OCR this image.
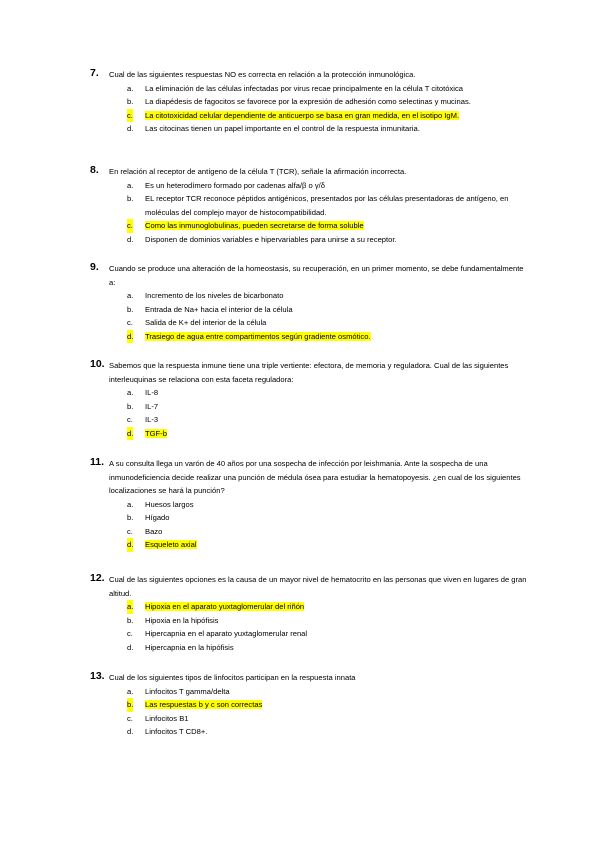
7. Cual de las siguientes respuestas NO es correcta en relación a la protección inmunológica.
a. La eliminación de las células infectadas por virus recae principalmente en la célula T citotóxica
b. La diapédesis de fagocitos se favorece por la expresión de adhesión como selectinas y mucinas.
c. La citotoxicidad celular dependiente de anticuerpo se basa en gran medida, en el isotipo IgM.
d. Las citocinas tienen un papel importante en el control de la respuesta inmunitaria.
8. En relación al receptor de antígeno de la célula T (TCR), señale la afirmación incorrecta.
a. Es un heterodímero formado por cadenas alfa/β o γ/δ
b. EL receptor TCR reconoce péptidos antigénicos, presentados por las células presentadoras de antígeno, en moléculas del complejo mayor de histocompatibilidad.
c. Como las inmunoglobulinas, pueden secretarse de forma soluble
d. Disponen de dominios variables e hipervariables para unirse a su receptor.
9. Cuando se produce una alteración de la homeostasis, su recuperación, en un primer momento, se debe fundamentalmente a:
a. Incremento de los niveles de bicarbonato
b. Entrada de Na+ hacia el interior de la célula
c. Salida de K+ del interior de la célula
d. Trasiego de agua entre compartimentos según gradiente osmótico.
10. Sabemos que la respuesta inmune tiene una triple vertiente: efectora, de memoria y reguladora. Cual de las siguientes interleuquinas se relaciona con esta faceta reguladora:
a. IL-8
b. IL-7
c. IL-3
d. TGF-b
11. A su consulta llega un varón de 40 años por una sospecha de infección por leishmania. Ante la sospecha de una inmunodeficiencia decide realizar una punción de médula ósea para estudiar la hematopoyesis. ¿en cual de los siguientes localizaciones se hará la punción?
a. Huesos largos
b. Hígado
c. Bazo
d. Esqueleto axial
12. Cual de las siguientes opciones es la causa de un mayor nivel de hematocrito en las personas que viven en lugares de gran altitud.
a. Hipoxia en el aparato yuxtaglomerular del riñón
b. Hipoxia en la hipófisis
c. Hipercapnia en el aparato yuxtaglomerular renal
d. Hipercapnia en la hipófisis
13. Cual de los siguientes tipos de linfocitos participan en la respuesta innata
a. Linfocitos T gamma/delta
b. Las respuestas b y c son correctas
c. Linfocitos B1
d. Linfocitos T CD8+.
